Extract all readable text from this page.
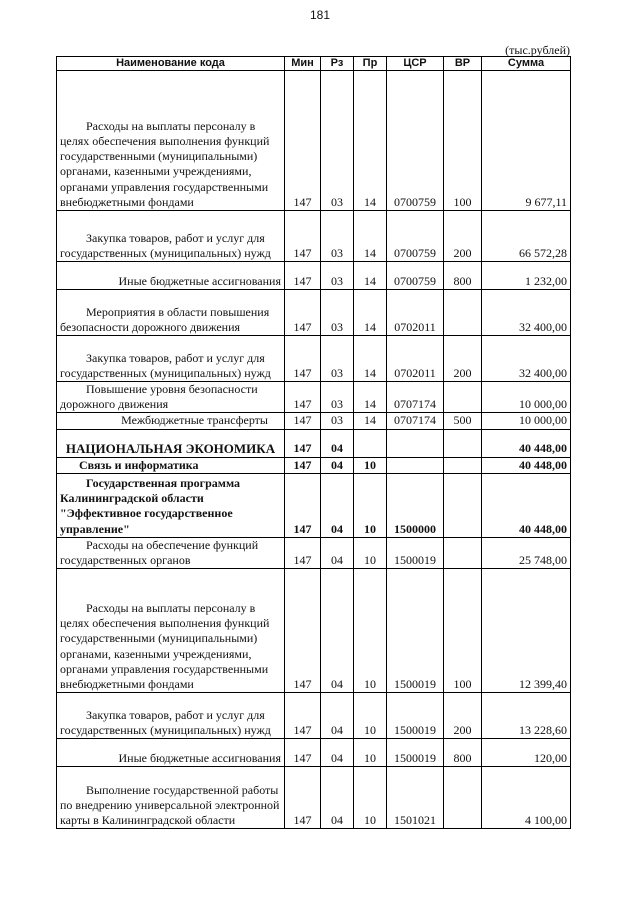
181
(тыс.рублей)
Наименование кода	Мин	Рз	Пр	ЦСР	ВР	Сумма
Расходы на выплаты персоналу в целях обеспечения выполнения функций государственными (муниципальными) органами, казенными учреждениями, органами управления государственными внебюджетными фондами	147	03	14	0700759	100	9 677,11
Закупка товаров, работ и услуг для государственных (муниципальных) нужд	147	03	14	0700759	200	66 572,28
Иные бюджетные ассигнования	147	03	14	0700759	800	1 232,00
Мероприятия в области повышения безопасности дорожного движения	147	03	14	0702011		32 400,00
Закупка товаров, работ и услуг для государственных (муниципальных) нужд	147	03	14	0702011	200	32 400,00
Повышение уровня безопасности дорожного движения	147	03	14	0707174		10 000,00
Межбюджетные трансферты	147	03	14	0707174	500	10 000,00
НАЦИОНАЛЬНАЯ ЭКОНОМИКА	147	04				40 448,00
Связь и информатика	147	04	10			40 448,00
Государственная программа Калининградской области "Эффективное государственное управление"	147	04	10	1500000		40 448,00
Расходы на обеспечение функций государственных органов	147	04	10	1500019		25 748,00
Расходы на выплаты персоналу в целях обеспечения выполнения функций государственными (муниципальными) органами, казенными учреждениями, органами управления государственными внебюджетными фондами	147	04	10	1500019	100	12 399,40
Закупка товаров, работ и услуг для государственных (муниципальных) нужд	147	04	10	1500019	200	13 228,60
Иные бюджетные ассигнования	147	04	10	1500019	800	120,00
Выполнение государственной работы по внедрению универсальной электронной карты в Калининградской области	147	04	10	1501021		4 100,00
